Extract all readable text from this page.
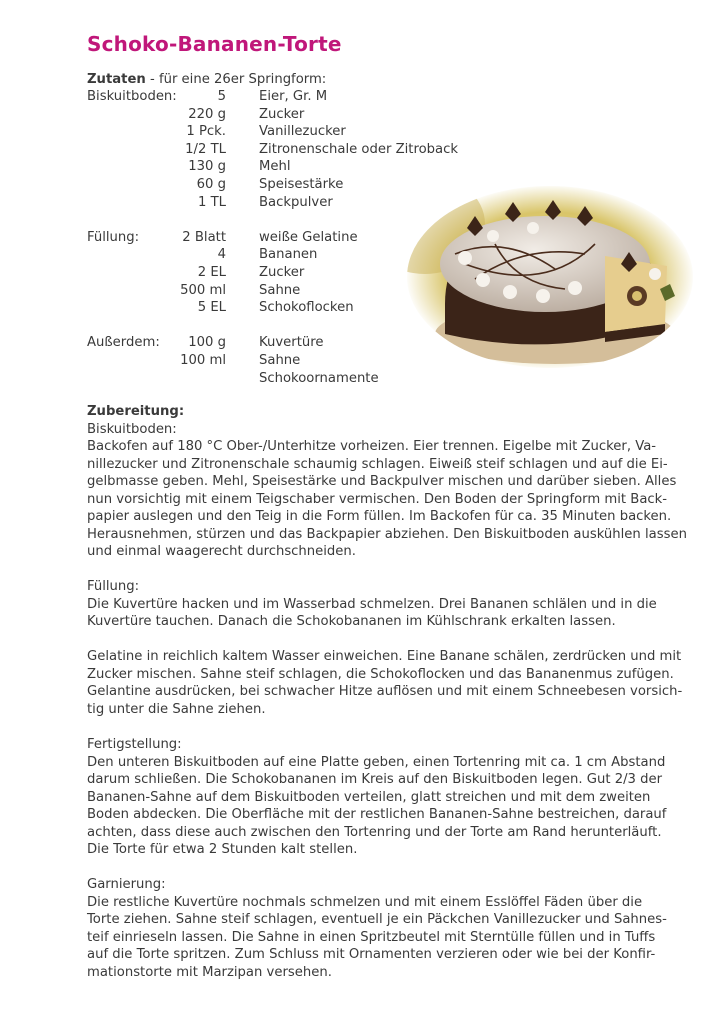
Schoko-Bananen-Torte
Zutaten - für eine 26er Springform:
Biskuitboden:	5	Eier, Gr. M
220 g	Zucker
1 Pck.	Vanillezucker
1/2 TL	Zitronenschale oder Zitroback
130 g	Mehl
60 g	Speisestärke
1 TL	Backpulver
Füllung:	2 Blatt	weiße Gelatine
4	Bananen
2 EL	Zucker
500 ml	Sahne
5 EL	Schokoflocken
Außerdem: 100 g	Kuvertüre
100 ml	Sahne
Schokoornamente

Zubereitung:

Biskuitboden:

Backofen auf 180 °C Ober-/Unterhitze vorheizen. Eier trennen. Eigelbe mit Zucker, Va-
nillezucker und Zitronenschale schaumig schlagen. Eiweiß steif schlagen und auf die Ei-
gelbmasse geben. Mehl, Speisestärke und Backpulver mischen und darüber sieben. Alles
nun vorsichtig mit einem Teigschaber vermischen. Den Boden der Springform mit Back-
papier auslegen und den Teig in die Form füllen. Im Backofen für ca. 35 Minuten backen.
Herausnehmen, stürzen und das Backpapier abziehen. Den Biskuitboden auskühlen lassen
und einmal waagerecht durchschneiden.

Füllung:

Die Kuvertüre hacken und im Wasserbad schmelzen. Drei Bananen schlälen und in die
Kuvertüre tauchen. Danach die Schokobananen im Kühlschrank erkalten lassen.
Gelatine in reichlich kaltem Wasser einweichen. Eine Banane schälen, zerdrücken und mit
Zucker mischen. Sahne steif schlagen, die Schokoflocken und das Bananenmus zufügen.
Gelantine ausdrücken, bei schwacher Hitze auflösen und mit einem Schneebesen vorsich-
tig unter die Sahne ziehen.

Fertigstellung:

Den unteren Biskuitboden auf eine Platte geben, einen Tortenring mit ca. 1 cm Abstand
darum schließen. Die Schokobananen im Kreis auf den Biskuitboden legen. Gut 2/3 der
Bananen-Sahne auf dem Biskuitboden verteilen, glatt streichen und mit dem zweiten
Boden abdecken. Die Oberfläche mit der restlichen Bananen-Sahne bestreichen, darauf
achten, dass diese auch zwischen den Tortenring und der Torte am Rand herunterläuft.
Die Torte für etwa 2 Stunden kalt stellen.

Garnierung:

Die restliche Kuvertüre nochmals schmelzen und mit einem Esslöffel Fäden über die
Torte ziehen. Sahne steif schlagen, eventuell je ein Päckchen Vanillezucker und Sahnes-
teif einrieseln lassen. Die Sahne in einen Spritzbeutel mit Sterntülle füllen und in Tuffs
auf die Torte spritzen. Zum Schluss mit Ornamenten verzieren oder wie bei der Konfir-
mationstorte mit Marzipan versehen.
